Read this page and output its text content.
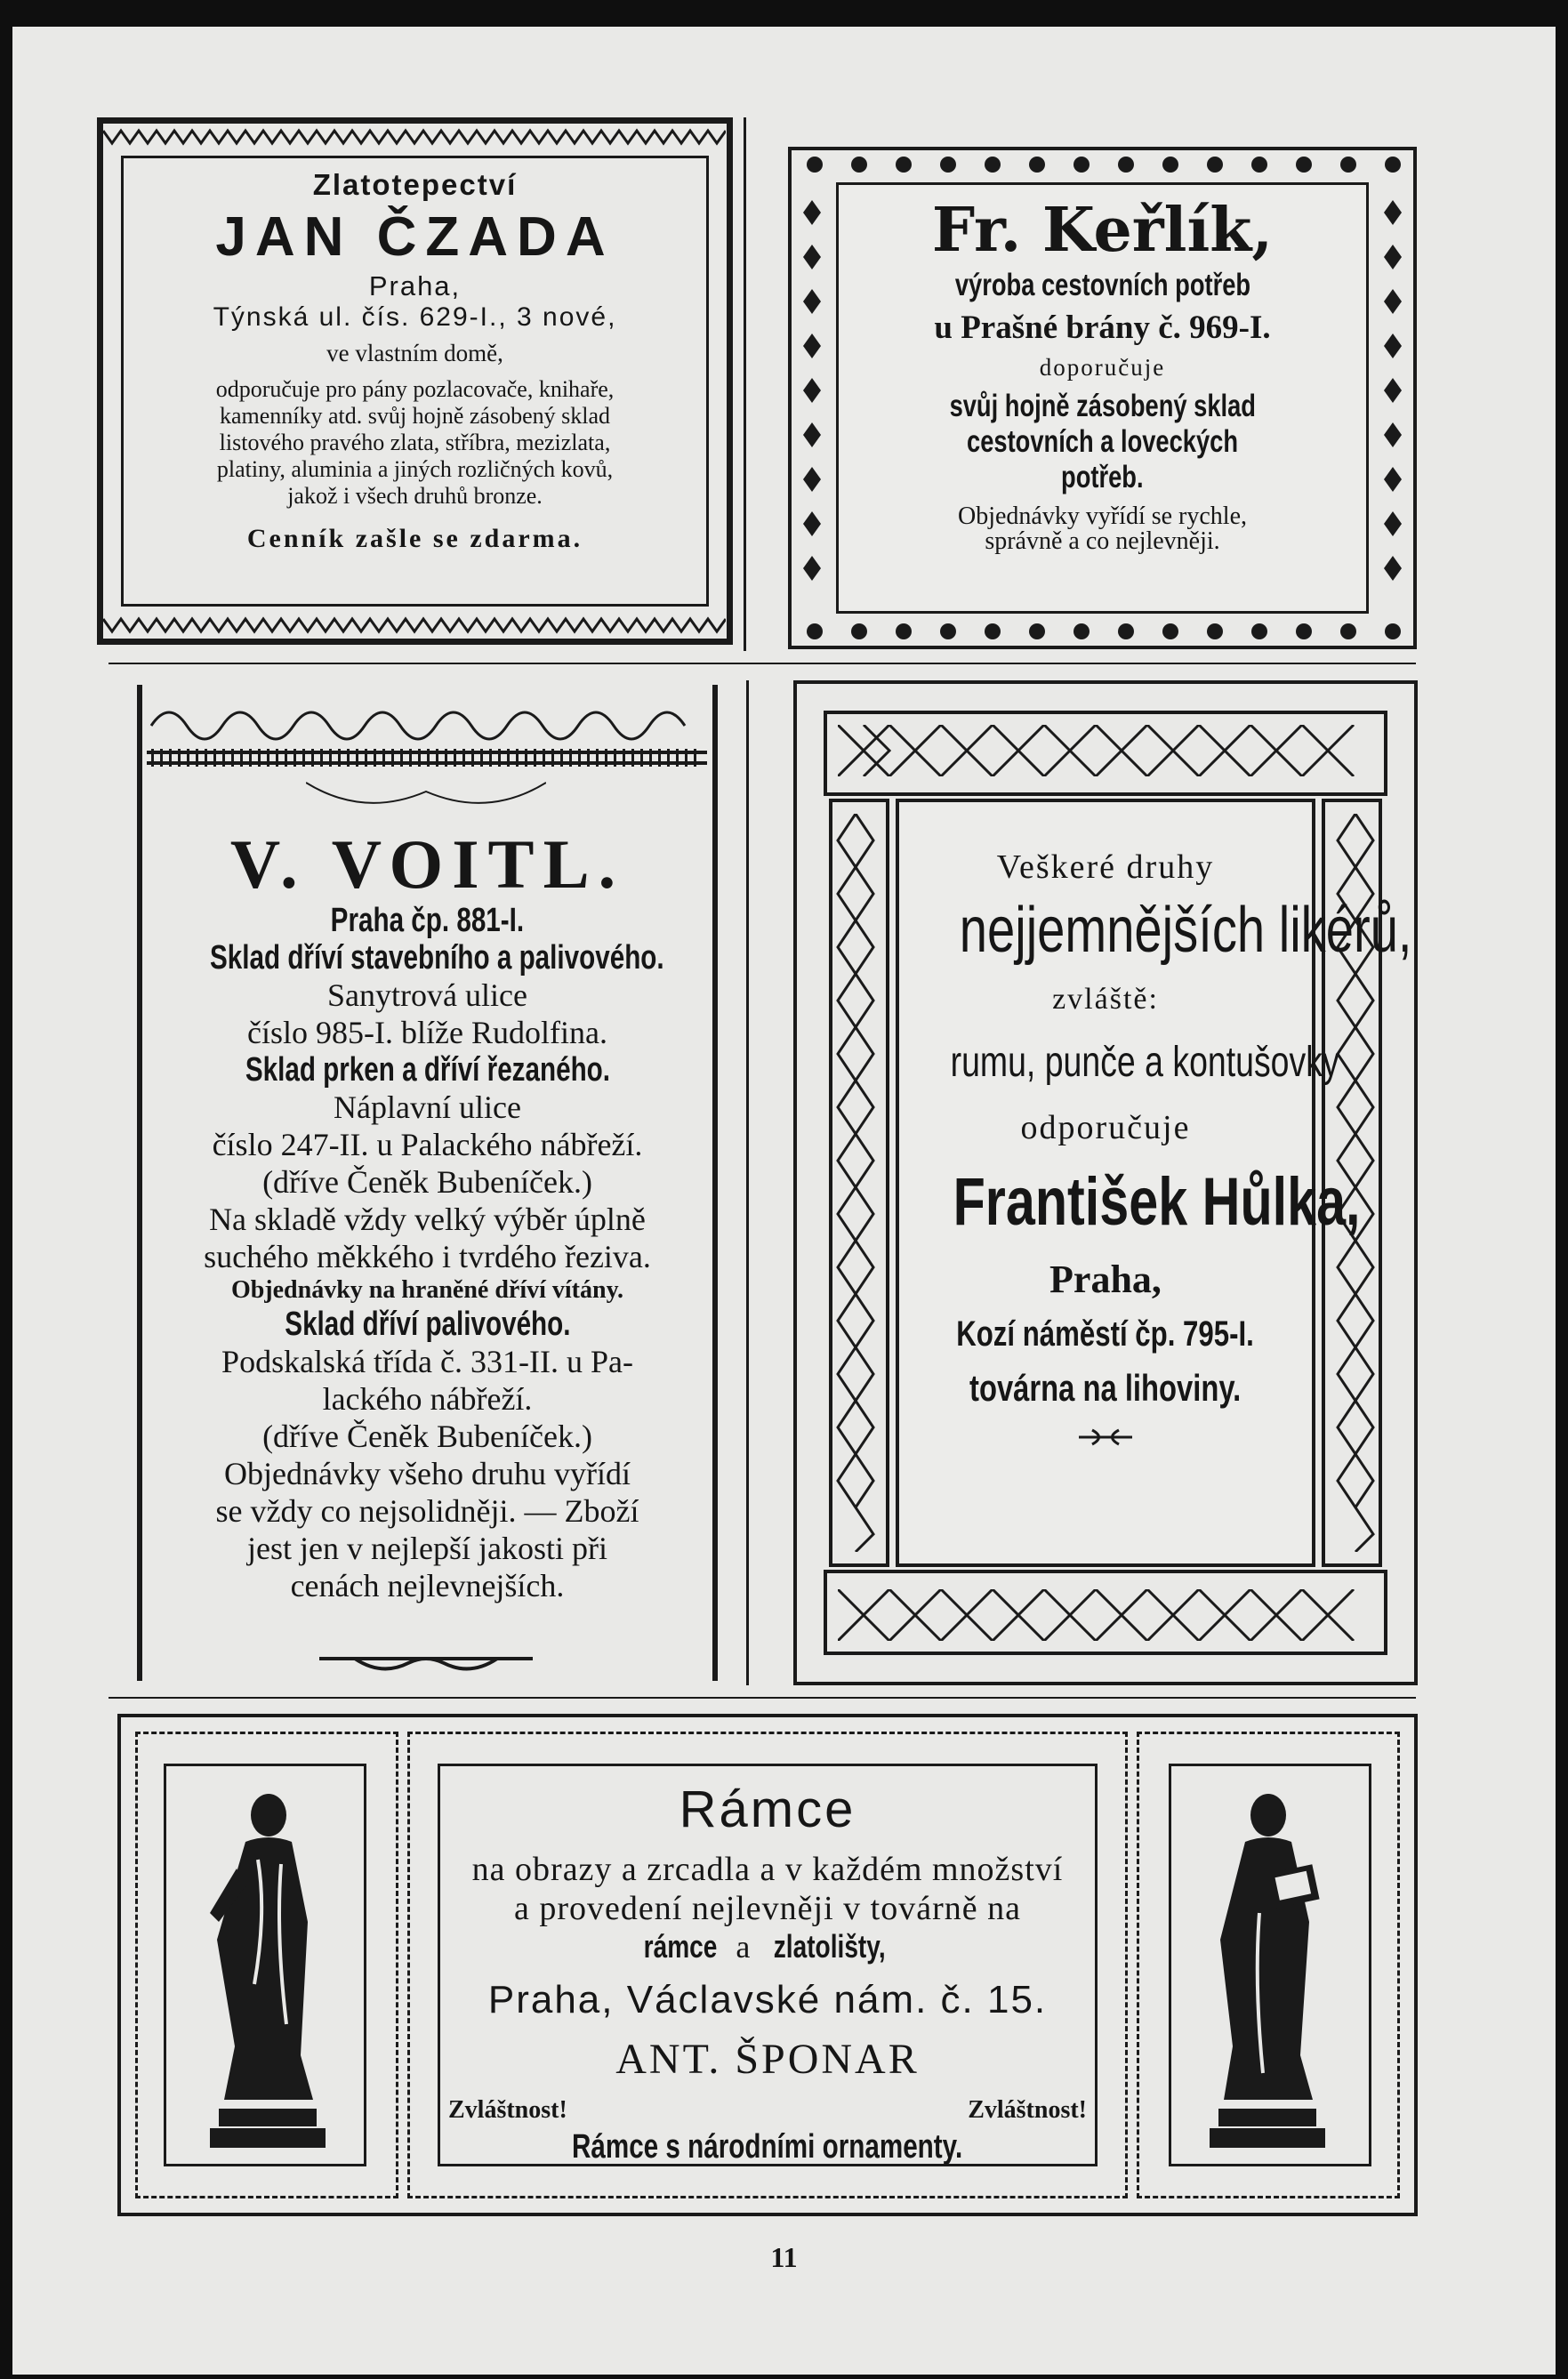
Zlatotepectví
JAN ČZADA
Praha,
Týnská ul. čís. 629-I., 3 nové,
ve vlastním domě,
odporučuje pro pány pozlacovače, knihaře,
kamenníky atd. svůj hojně zásobený sklad
listového pravého zlata, stříbra, mezizlata,
platiny, aluminia a jiných rozličných kovů,
jakož i všech druhů bronze.
Cenník zašle se zdarma.
Fr. Keřlík,
výroba cestovních potřeb
u Prašné brány č. 969-I.
doporučuje
svůj hojně zásobený sklad
cestovních a loveckých
potřeb.
Objednávky vyřídí se rychle,
správně a co nejlevněji.
V. VOITL.
Praha čp. 881-I.
Sklad dříví stavebního a palivového.
Sanytrová ulice
číslo 985-I. blíže Rudolfina.
Sklad prken a dříví řezaného.
Náplavní ulice
číslo 247-II. u Palackého nábřeží.
(dříve Čeněk Bubeníček.)
Na skladě vždy velký výběr úplně
suchého měkkého i tvrdého řeziva.
Objednávky na hraněné dříví vítány.
Sklad dříví palivového.
Podskalská třída č. 331-II. u Pa-
lackého nábřeží.
(dříve Čeněk Bubeníček.)
Objednávky všeho druhu vyřídí
se vždy co nejsolidněji. — Zboží
jest jen v nejlepší jakosti při
cenách nejlevnejších.
Veškeré druhy
nejjemnějších likérů,
zvláště:
rumu, punče a kontušovky
odporučuje
František Hůlka,
Praha,
Kozí náměstí čp. 795-I.
továrna na lihoviny.
Rámce
na obrazy a zrcadla a v každém množství
a provedení nejlevněji v továrně na
rámce a zlatolišty,
Praha, Václavské nám. č. 15.
ANT. ŠPONAR
Zvláštnost!	Zvláštnost!
Rámce s národními ornamenty.
11
